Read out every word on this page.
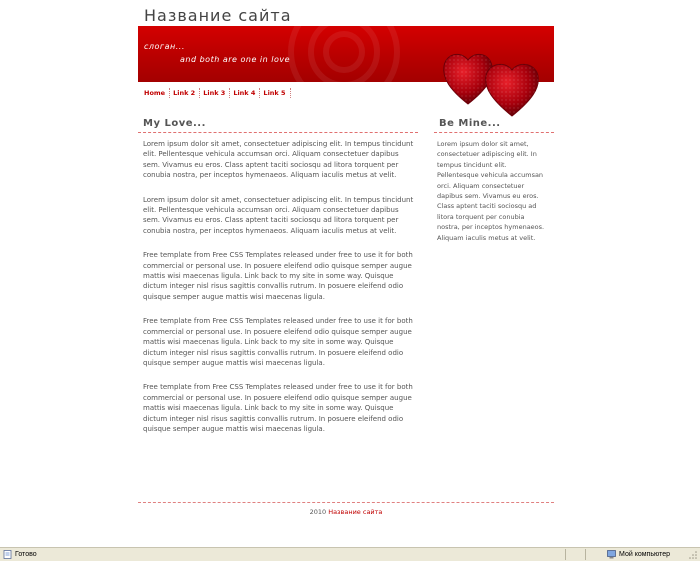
Название сайта
слоган...
and both are one in love
Home	Link 2	Link 3	Link 4	Link 5
My Love...

Lorem ipsum dolor sit amet, consectetuer adipiscing elit. In tempus tincidunt elit. Pellentesque vehicula accumsan orci. Aliquam consectetuer dapibus sem. Vivamus eu eros. Class aptent taciti sociosqu ad litora torquent per conubia nostra, per inceptos hymenaeos. Aliquam iaculis metus at velit.

Lorem ipsum dolor sit amet, consectetuer adipiscing elit. In tempus tincidunt elit. Pellentesque vehicula accumsan orci. Aliquam consectetuer dapibus sem. Vivamus eu eros. Class aptent taciti sociosqu ad litora torquent per conubia nostra, per inceptos hymenaeos. Aliquam iaculis metus at velit.

Free template from Free CSS Templates released under free to use it for both commercial or personal use. In posuere eleifend odio quisque semper augue mattis wisi maecenas ligula. Link back to my site in some way. Quisque dictum integer nisl risus sagittis convallis rutrum. In posuere eleifend odio quisque semper augue mattis wisi maecenas ligula.

Free template from Free CSS Templates released under free to use it for both commercial or personal use. In posuere eleifend odio quisque semper augue mattis wisi maecenas ligula. Link back to my site in some way. Quisque dictum integer nisl risus sagittis convallis rutrum. In posuere eleifend odio quisque semper augue mattis wisi maecenas ligula.

Free template from Free CSS Templates released under free to use it for both commercial or personal use. In posuere eleifend odio quisque semper augue mattis wisi maecenas ligula. Link back to my site in some way. Quisque dictum integer nisl risus sagittis convallis rutrum. In posuere eleifend odio quisque semper augue mattis wisi maecenas ligula.

Be Mine...

Lorem ipsum dolor sit amet, consectetuer adipiscing elit. In tempus tincidunt elit. Pellentesque vehicula accumsan orci. Aliquam consectetuer dapibus sem. Vivamus eu eros. Class aptent taciti sociosqu ad litora torquent per conubia nostra, per inceptos hymenaeos. Aliquam iaculis metus at velit.

2010 Название сайта
Готово	Мой компьютер
